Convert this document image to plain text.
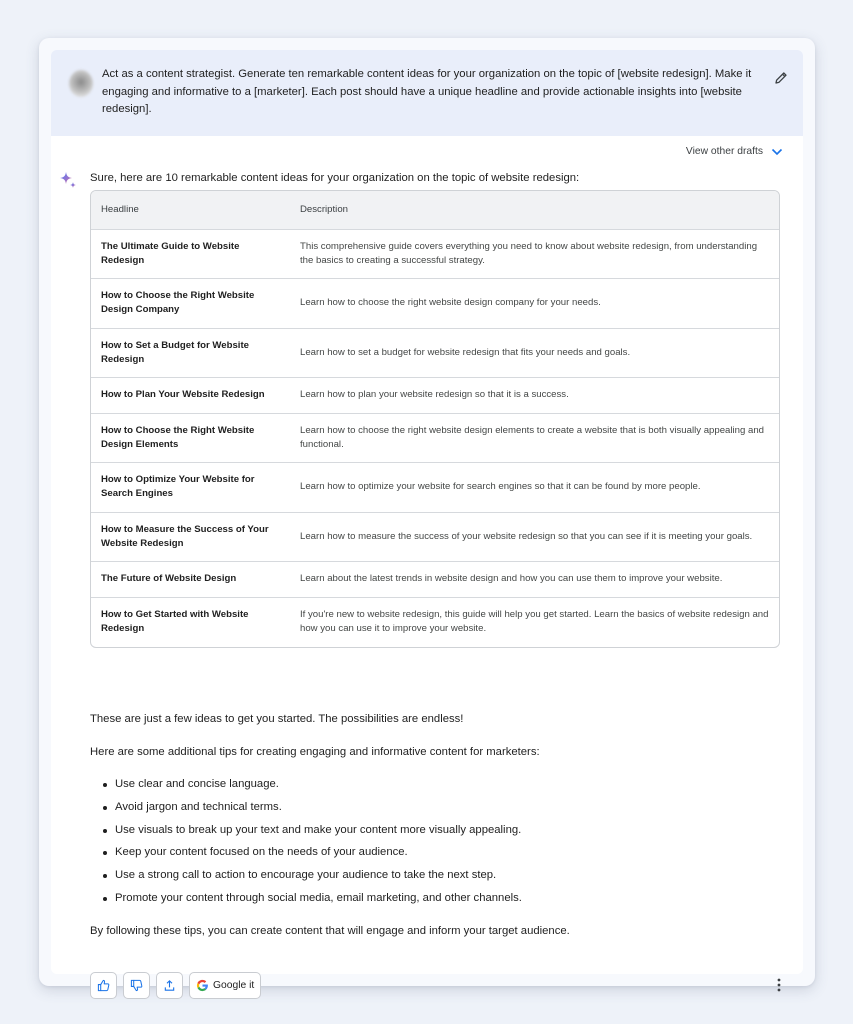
Act as a content strategist. Generate ten remarkable content ideas for your organization on the topic of [website redesign]. Make it engaging and informative to a [marketer]. Each post should have a unique headline and provide actionable insights into [website redesign].
View other drafts
Sure, here are 10 remarkable content ideas for your organization on the topic of website redesign:
Headline	Description
The Ultimate Guide to Website Redesign	This comprehensive guide covers everything you need to know about website redesign, from understanding the basics to creating a successful strategy.
How to Choose the Right Website Design Company	Learn how to choose the right website design company for your needs.
How to Set a Budget for Website Redesign	Learn how to set a budget for website redesign that fits your needs and goals.
How to Plan Your Website Redesign	Learn how to plan your website redesign so that it is a success.
How to Choose the Right Website Design Elements	Learn how to choose the right website design elements to create a website that is both visually appealing and functional.
How to Optimize Your Website for Search Engines	Learn how to optimize your website for search engines so that it can be found by more people.
How to Measure the Success of Your Website Redesign	Learn how to measure the success of your website redesign so that you can see if it is meeting your goals.
The Future of Website Design	Learn about the latest trends in website design and how you can use them to improve your website.
How to Get Started with Website Redesign	If you're new to website redesign, this guide will help you get started. Learn the basics of website redesign and how you can use it to improve your website.
These are just a few ideas to get you started. The possibilities are endless!
Here are some additional tips for creating engaging and informative content for marketers:
Use clear and concise language.
Avoid jargon and technical terms.
Use visuals to break up your text and make your content more visually appealing.
Keep your content focused on the needs of your audience.
Use a strong call to action to encourage your audience to take the next step.
Promote your content through social media, email marketing, and other channels.
By following these tips, you can create content that will engage and inform your target audience.
Google it
